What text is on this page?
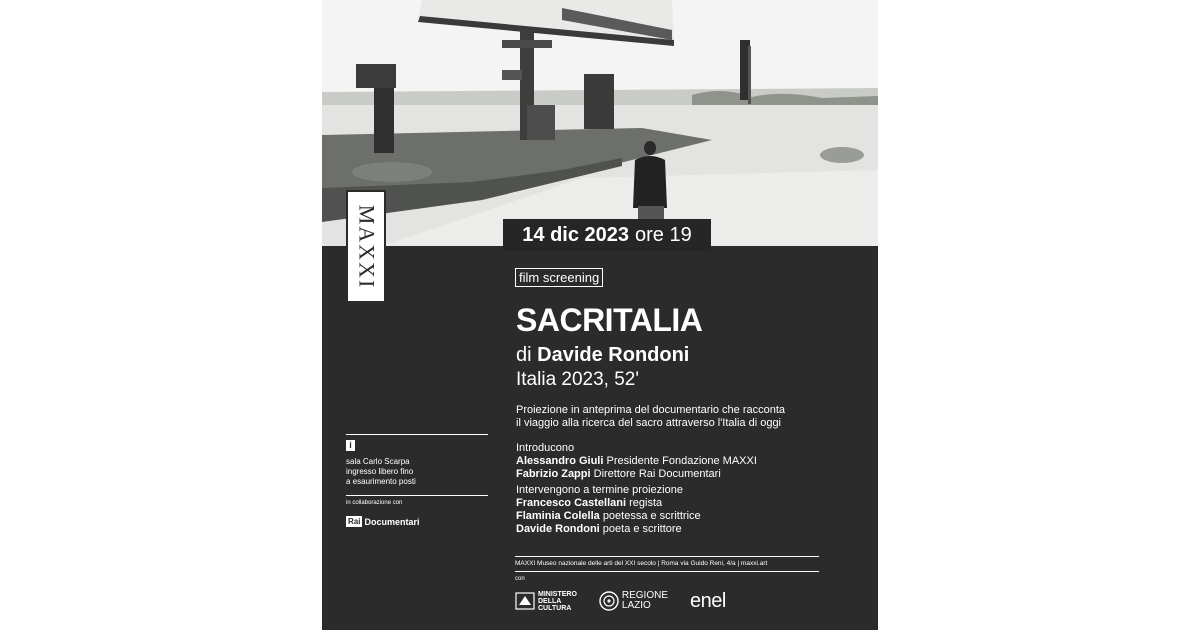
MAXXI	14 dic 2023 ore 19
film screening
SACRITALIA
di Davide Rondoni
Italia 2023, 52'
Proiezione in anteprima del documentario che racconta
il viaggio alla ricerca del sacro attraverso l'Italia di oggi
Introducono
Alessandro Giuli Presidente Fondazione MAXXI
Fabrizio Zappi Direttore Rai Documentari
Intervengono a termine proiezione
Francesco Castellani regista
Flaminia Colella poetessa e scrittrice
Davide Rondoni poeta e scrittore
i
sala Carlo Scarpa
ingresso libero fino
a esaurimento posti
in collaborazione con
Rai Documentari
MAXXI Museo nazionale delle arti del XXI secolo | Roma via Guido Reni, 4/a | maxxi.art
con
MINISTERO
DELLA
CULTURA
REGIONE
LAZIO	enel
